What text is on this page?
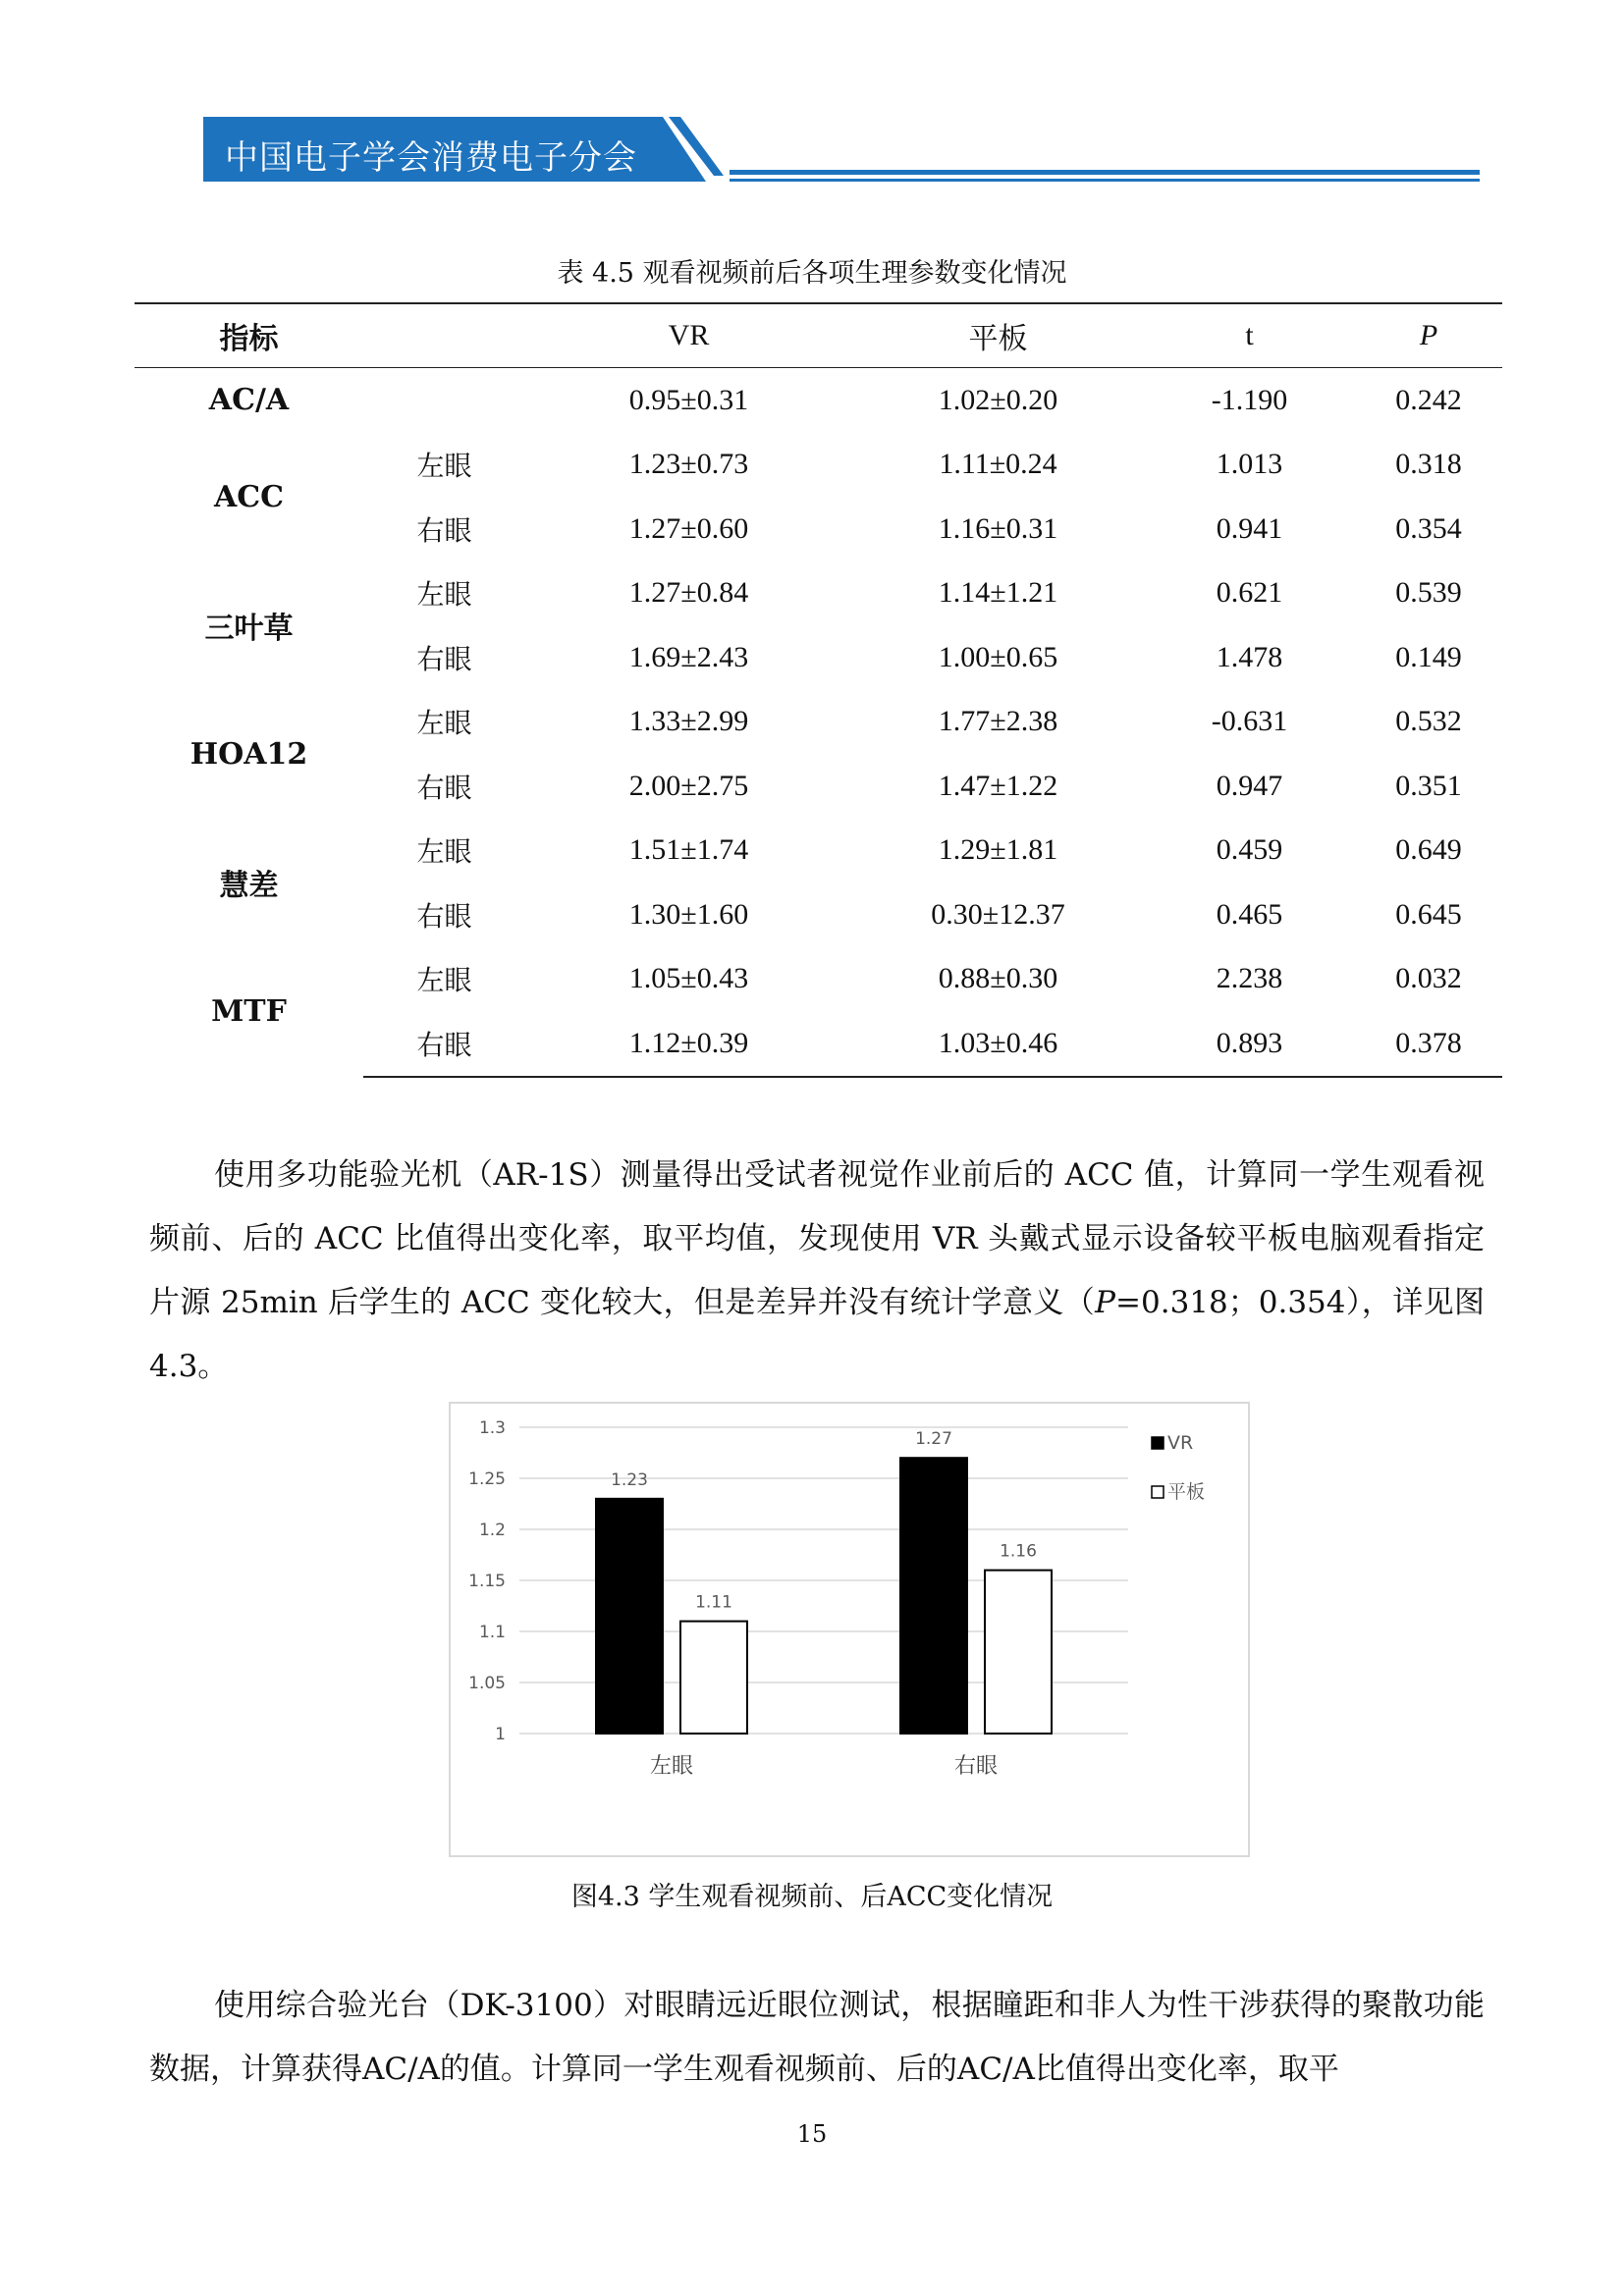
中国电子学会消费电子分会
表 4.5 观看视频前后各项生理参数变化情况
指标		VR	平板	t	P
AC/A		0.95±0.31	1.02±0.20	-1.190	0.242
ACC	左眼	1.23±0.73	1.11±0.24	1.013	0.318
	右眼	1.27±0.60	1.16±0.31	0.941	0.354
三叶草	左眼	1.27±0.84	1.14±1.21	0.621	0.539
	右眼	1.69±2.43	1.00±0.65	1.478	0.149
HOA12	左眼	1.33±2.99	1.77±2.38	-0.631	0.532
	右眼	2.00±2.75	1.47±1.22	0.947	0.351
慧差	左眼	1.51±1.74	1.29±1.81	0.459	0.649
	右眼	1.30±1.60	0.30±12.37	0.465	0.645
MTF	左眼	1.05±0.43	0.88±0.30	2.238	0.032
	右眼	1.12±0.39	1.03±0.46	0.893	0.378

使用多功能验光机（AR-1S）测量得出受试者视觉作业前后的 ACC 值，计算同一学生观看视频前、后的 ACC 比值得出变化率，取平均值，发现使用 VR 头戴式显示设备较平板电脑观看指定片源 25min 后学生的 ACC 变化较大，但是差异并没有统计学意义（P=0.318；0.354），详见图 4.3。

1
1.05
1.1
1.15
1.2
1.25
1.3
1.23
1.11
左眼
1.27
1.16
右眼
VR
平板
图4.3 学生观看视频前、后ACC变化情况

使用综合验光台（DK-3100）对眼睛远近眼位测试，根据瞳距和非人为性干涉获得的聚散功能数据，计算获得AC/A的值。计算同一学生观看视频前、后的AC/A比值得出变化率，取平

15
